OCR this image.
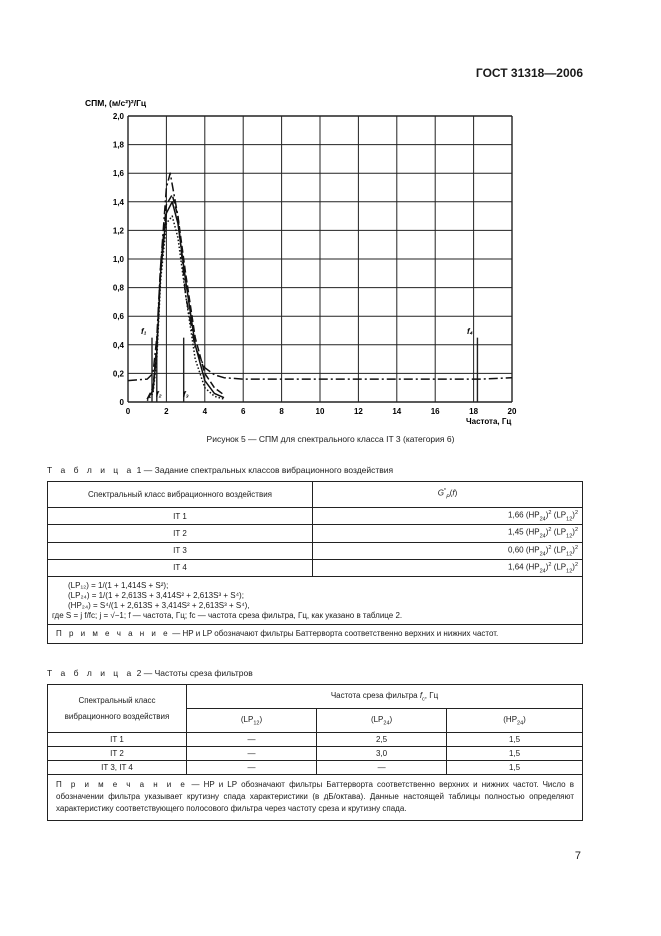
ГОСТ 31318—2006
0	2	4	6	8	10	12	14	16	18	20
0
0,2
0,4
0,6
0,8
1,0
1,2
1,4
1,6
1,8
2,0
СПМ, (м/с²)²/Гц
Частота, Гц
f₁
f₂	f₃
f₄
Рисунок 5 — СПМ для спектрального класса IT 3 (категория 6)
Т а б л и ц а 1 — Задание спектральных классов вибрационного воздействия
Спектральный класс вибрационного воздействия	$G^*_P(f)$
IT 1	1,66 $(HP_{24})^2$ $(LP_{12})^2$
IT 2	1,45 $(HP_{24})^2$ $(LP_{12})^2$
IT 3	0,60 $(HP_{24})^2$ $(LP_{12})^2$
IT 4	1,64 $(HP_{24})^2$ $(LP_{12})^2$

(LP₁₂) = 1/(1 + 1,414S + S²);
(LP₂₄) = 1/(1 + 2,613S + 3,414S² + 2,613S³ + S⁴);
(HP₂₄) = S⁴/(1 + 2,613S + 3,414S² + 2,613S³ + S⁴),
где S = j f/fc; j = √−1; f — частота, Гц; fc — частота среза фильтра, Гц, как указано в таблице 2.	

П р и м е ч а н и е — HP и LP обозначают фильтры Баттерворта соответственно верхних и нижних частот.	
Т а б л и ц а 2 — Частоты среза фильтров
Спектральный класс вибрационного воздействия	Частота среза фильтра $f_c$, Гц		
	$(LP_{12})$	$(LP_{24})$	$(HP_{24})$
IT 1	—	2,5	1,5
IT 2	—	3,0	1,5
IT 3, IT 4	—	—	1,5
П р и м е ч а н и е — HP и LP обозначают фильтры Баттерворта соответственно верхних и нижних частот. Число в обозначении фильтра указывает крутизну спада характеристики (в дБ/октава). Данные настоящей таблицы полностью определяют характеристику соответствующего полосового фильтра через частоту среза и крутизну спада.			
7
